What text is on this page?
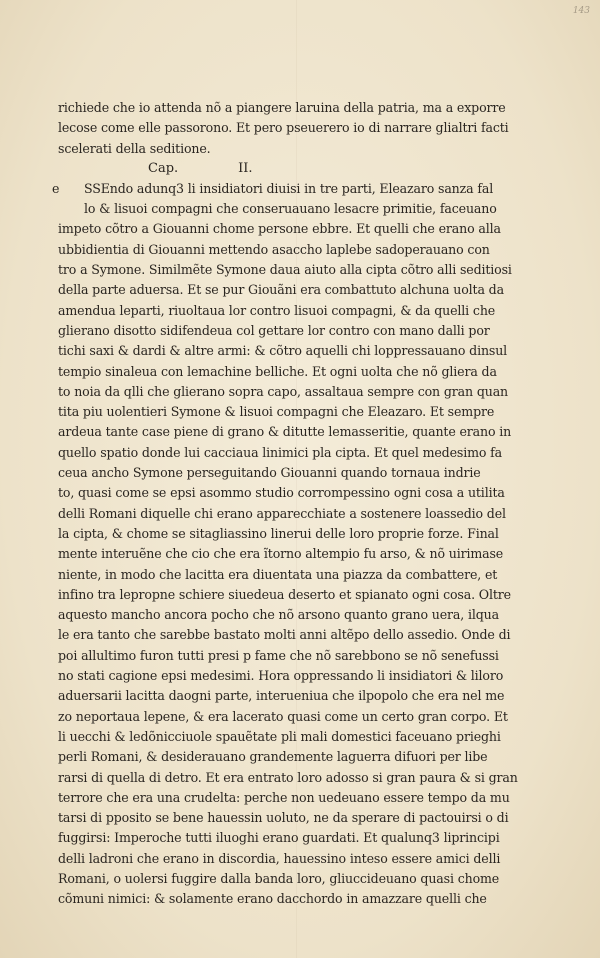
143
richiede che io attenda nõ a piangere laruina della patria, ma a exporre
lecose come elle passorono. Et pero pseuerero io di narrare glialtri facti
scelerati della seditione.
Cap.	II.
e SSEndo adunq3 li insidiatori diuisi in tre parti, Eleazaro sanza fal
lo & lisuoi compagni che conseruauano lesacre primitie, faceuano
impeto cõtro a Giouanni chome persone ebbre. Et quelli che erano alla
ubbidientia di Giouanni mettendo asaccho laplebe sadoperauano con
tro a Symone. Similmẽte Symone daua aiuto alla cipta cõtro alli seditiosi
della parte aduersa. Et se pur Giouãni era combattuto alchuna uolta da
amendua leparti, riuoltaua lor contro lisuoi compagni, & da quelli che
glierano disotto sidifendeua col gettare lor contro con mano dalli por
tichi saxi & dardi & altre armi: & cõtro aquelli chi loppressauano dinsul
tempio sinaleua con lemachine belliche. Et ogni uolta che nõ gliera da
to noia da qlli che glierano sopra capo, assaltaua sempre con gran quan
tita piu uolentieri Symone & lisuoi compagni che Eleazaro. Et sempre
ardeua tante case piene di grano & ditutte lemasseritie, quante erano in
quello spatio donde lui cacciaua linimici pla cipta. Et quel medesimo fa
ceua ancho Symone perseguitando Giouanni quando tornaua indrie
to, quasi come se epsi asommo studio corrompessino ogni cosa a utilita
delli Romani diquelle chi erano apparecchiate a sostenere loassedio del
la cipta, & chome se sitagliassino linerui delle loro proprie forze. Final
mente interuẽne che cio che era ĩtorno altempio fu arso, & nõ uirimase
niente, in modo che lacitta era diuentata una piazza da combattere, et
infino tra lepropne schiere siuedeua deserto et spianato ogni cosa. Oltre
aquesto mancho ancora pocho che nõ arsono quanto grano uera, ilqua
le era tanto che sarebbe bastato molti anni altẽpo dello assedio. Onde di
poi allultimo furon tutti presi p fame che nõ sarebbono se nõ senefussi
no stati cagione epsi medesimi. Hora oppressando li insidiatori & liloro
aduersarii lacitta daogni parte, interueniua che ilpopolo che era nel me
zo neportaua lepene, & era lacerato quasi come un certo gran corpo. Et
li uecchi & ledõnicciuole spauẽtate pli mali domestici faceuano prieghi
perli Romani, & desiderauano grandemente laguerra difuori per libe
rarsi di quella di detro. Et era entrato loro adosso si gran paura & si gran
terrore che era una crudelta: perche non uedeuano essere tempo da mu
tarsi di pposito se bene hauessin uoluto, ne da sperare di pactouirsi o di
fuggirsi: Imperoche tutti iluoghi erano guardati. Et qualunq3 liprincipi
delli ladroni che erano in discordia, hauessino inteso essere amici delli
Romani, o uolersi fuggire dalla banda loro, gliuccideuano quasi chome
cõmuni nimici: & solamente erano dacchordo in amazzare quelli che
